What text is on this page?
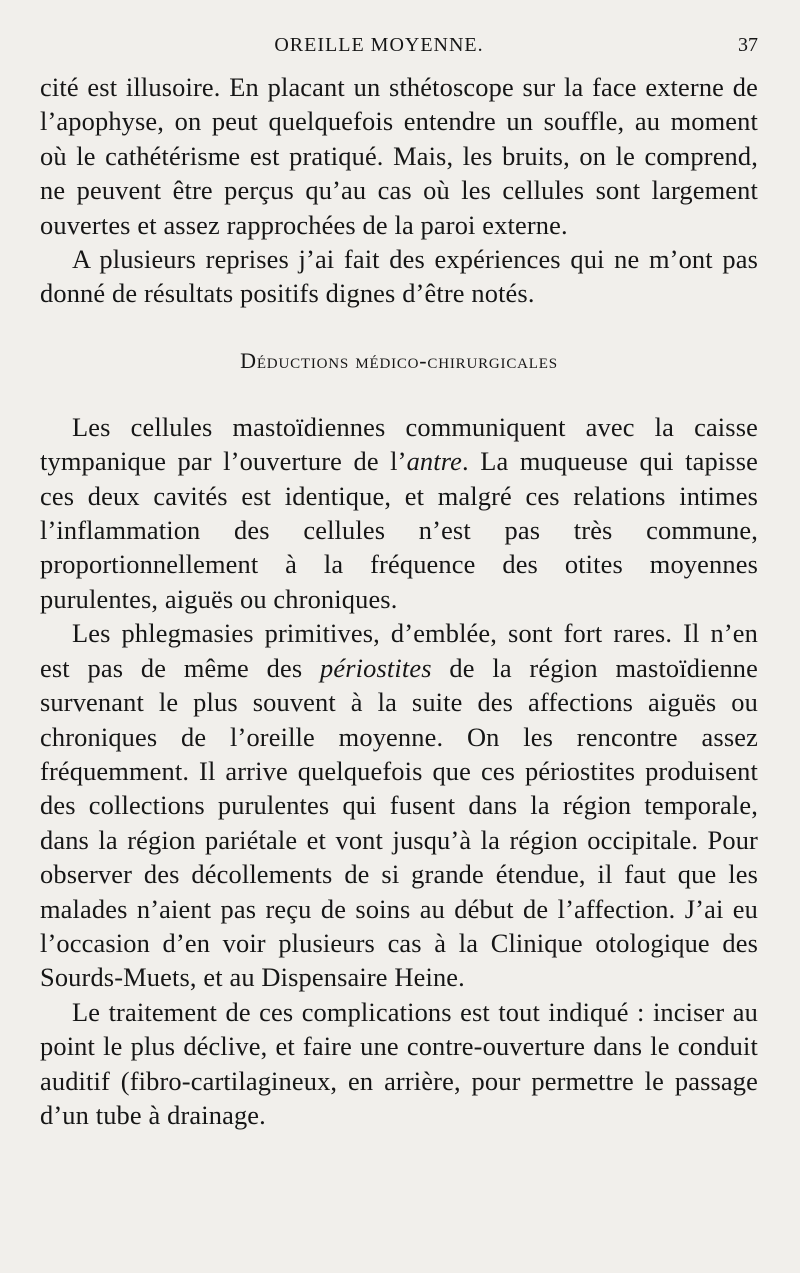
OREILLE MOYENNE.	37

cité est illusoire. En placant un sthétoscope sur la face externe de l’apophyse, on peut quelquefois entendre un souffle, au moment où le cathétérisme est pratiqué. Mais, les bruits, on le comprend, ne peuvent être perçus qu’au cas où les cellules sont largement ouvertes et assez rapprochées de la paroi externe.

A plusieurs reprises j’ai fait des expériences qui ne m’ont pas donné de résultats positifs dignes d’être notés.

Déductions médico-chirurgicales

Les cellules mastoïdiennes communiquent avec la caisse tympanique par l’ouverture de l’antre. La muqueuse qui tapisse ces deux cavités est identique, et malgré ces relations intimes l’inflammation des cellules n’est pas très commune, proportionnellement à la fréquence des otites moyennes purulentes, aiguës ou chroniques.

Les phlegmasies primitives, d’emblée, sont fort rares. Il n’en est pas de même des périostites de la région mastoïdienne survenant le plus souvent à la suite des affections aiguës ou chroniques de l’oreille moyenne. On les rencontre assez fréquemment. Il arrive quelquefois que ces périostites produisent des collections purulentes qui fusent dans la région temporale, dans la région pariétale et vont jusqu’à la région occipitale. Pour observer des décollements de si grande étendue, il faut que les malades n’aient pas reçu de soins au début de l’affection. J’ai eu l’occasion d’en voir plusieurs cas à la Clinique otologique des Sourds-Muets, et au Dispensaire Heine.

Le traitement de ces complications est tout indiqué : inciser au point le plus déclive, et faire une contre-ouverture dans le conduit auditif (fibro-cartilagineux, en arrière, pour permettre le passage d’un tube à drainage.
